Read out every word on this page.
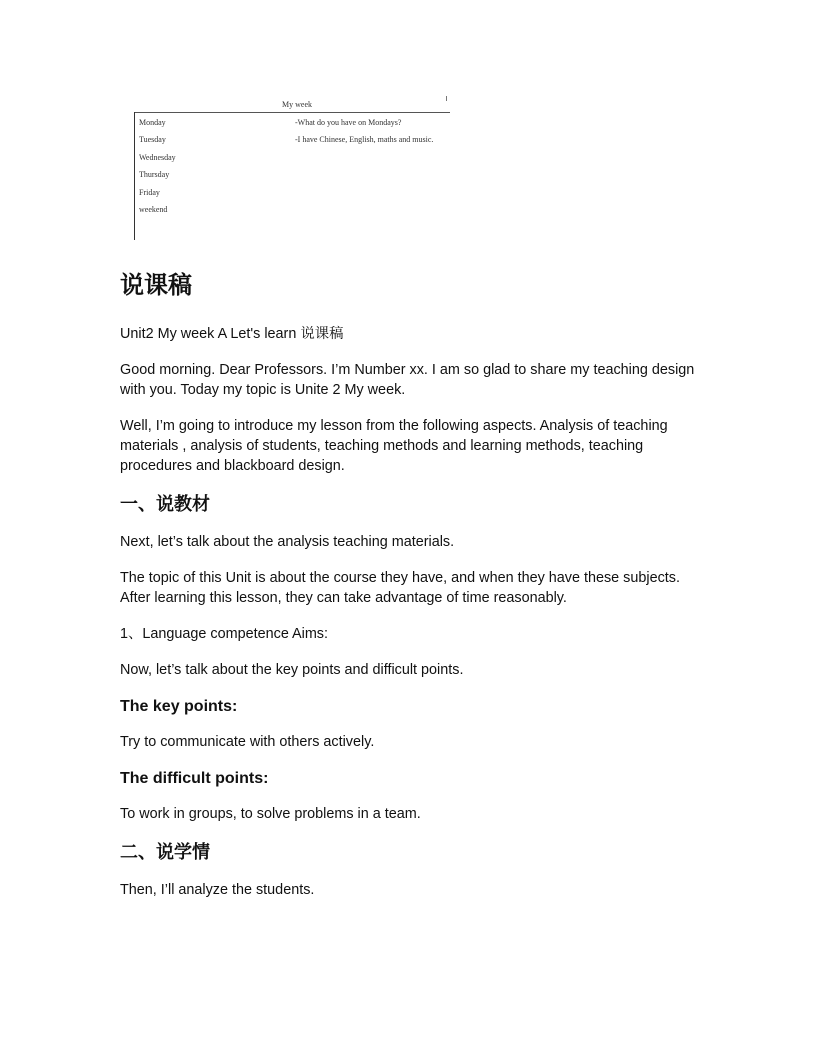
My week
Monday
Tuesday
Wednesday
Thursday
Friday
weekend
-What do you have on Mondays?
-I have Chinese, English, maths and music.
说课稿

Unit2 My week A Let's learn 说课稿

Good morning. Dear Professors. I’m Number xx. I am so glad to share my teaching design with you. Today my topic is Unite 2 My week.

Well, I’m going to introduce my lesson from the following aspects. Analysis of teaching materials , analysis of students, teaching methods and learning methods, teaching procedures and blackboard design.

一、说教材

Next, let’s talk about the analysis teaching materials.

The topic of this Unit is about the course they have, and when they have these subjects. After learning this lesson, they can take advantage of time reasonably.

1、Language competence Aims:

Now, let’s talk about the key points and difficult points.

The key points:

Try to communicate with others actively.

The difficult points:

To work in groups, to solve problems in a team.

二、说学情

Then, I’ll analyze the students.
